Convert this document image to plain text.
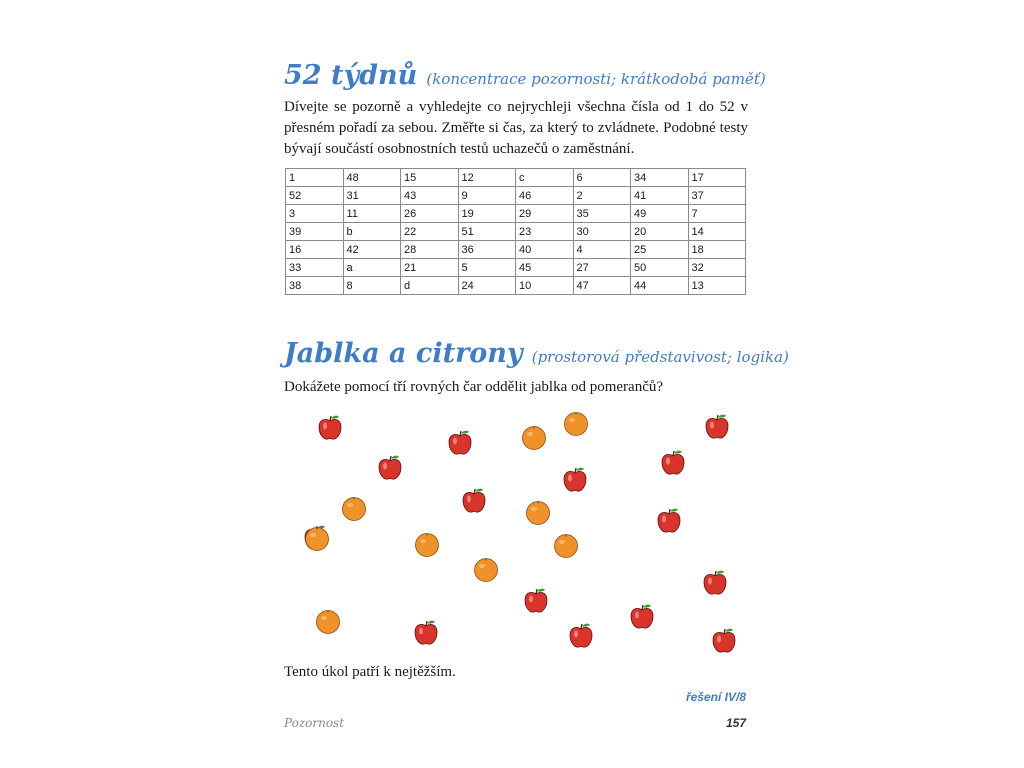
52 týdnů (koncentrace pozornosti; krátkodobá paměť)

Dívejte se pozorně a vyhledejte co nejrychleji všechna čísla od 1 do 52 v přesném pořadí za sebou. Změřte si čas, za který to zvládnete. Podobné testy bývají součástí osobnostních testů uchazečů o zaměstnání.

1	48	15	12	c	6	34	17
52	31	43	9	46	2	41	37
3	11	26	19	29	35	49	7
39	b	22	51	23	30	20	14
16	42	28	36	40	4	25	18
33	a	21	5	45	27	50	32
38	8	d	24	10	47	44	13
Jablka a citrony (prostorová představivost; logika)

Dokážete pomocí tří rovných čar oddělit jablka od pomerančů?

Tento úkol patří k nejtěžším.

řešení IV/8
Pozornost	157
